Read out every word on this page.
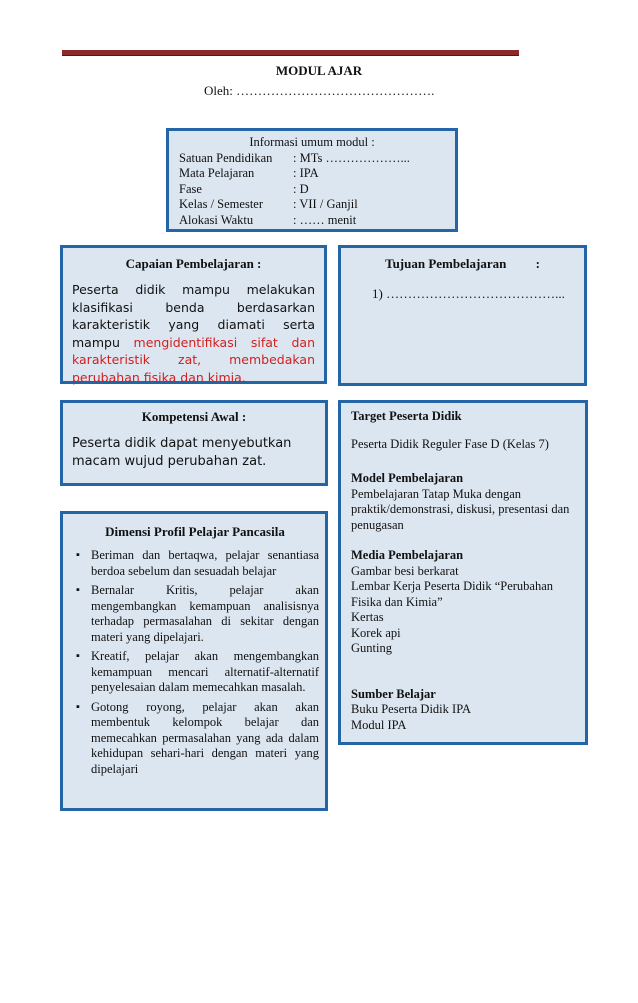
MODUL AJAR
Oleh: ……………………………………….
Informasi umum modul :
Satuan Pendidikan	: MTs ………………...
Mata Pelajaran	: IPA
Fase	: D
Kelas / Semester	: VII / Ganjil
Alokasi Waktu	: …… menit
Capaian Pembelajaran :
Peserta didik mampu melakukan klasifikasi benda berdasarkan karakteristik yang diamati serta mampu mengidentifikasi sifat dan karakteristik zat, membedakan perubahan fisika dan kimia.
Tujuan Pembelajaran         :
1) …………………………………...
Kompetensi Awal :
Peserta didik dapat menyebutkan macam wujud perubahan zat.
Dimensi Profil Pelajar Pancasila
▪ Beriman dan bertaqwa, pelajar senantiasa berdoa sebelum dan sesuadah belajar
▪ Bernalar Kritis, pelajar akan mengembangkan kemampuan analisisnya terhadap permasalahan di sekitar dengan materi yang dipelajari.
▪ Kreatif, pelajar akan mengembangkan kemampuan mencari alternatif-alternatif penyelesaian dalam memecahkan masalah.
▪ Gotong royong, pelajar akan akan membentuk kelompok belajar dan memecahkan permasalahan yang ada dalam kehidupan sehari-hari dengan materi yang dipelajari
Target Peserta Didik
Peserta Didik Reguler Fase D (Kelas 7)
Model Pembelajaran
Pembelajaran Tatap Muka dengan praktik/demonstrasi, diskusi, presentasi dan penugasan
Media Pembelajaran
Gambar besi berkarat
Lembar Kerja Peserta Didik “Perubahan Fisika dan Kimia”
Kertas
Korek api
Gunting
Sumber Belajar
Buku Peserta Didik IPA
Modul IPA
